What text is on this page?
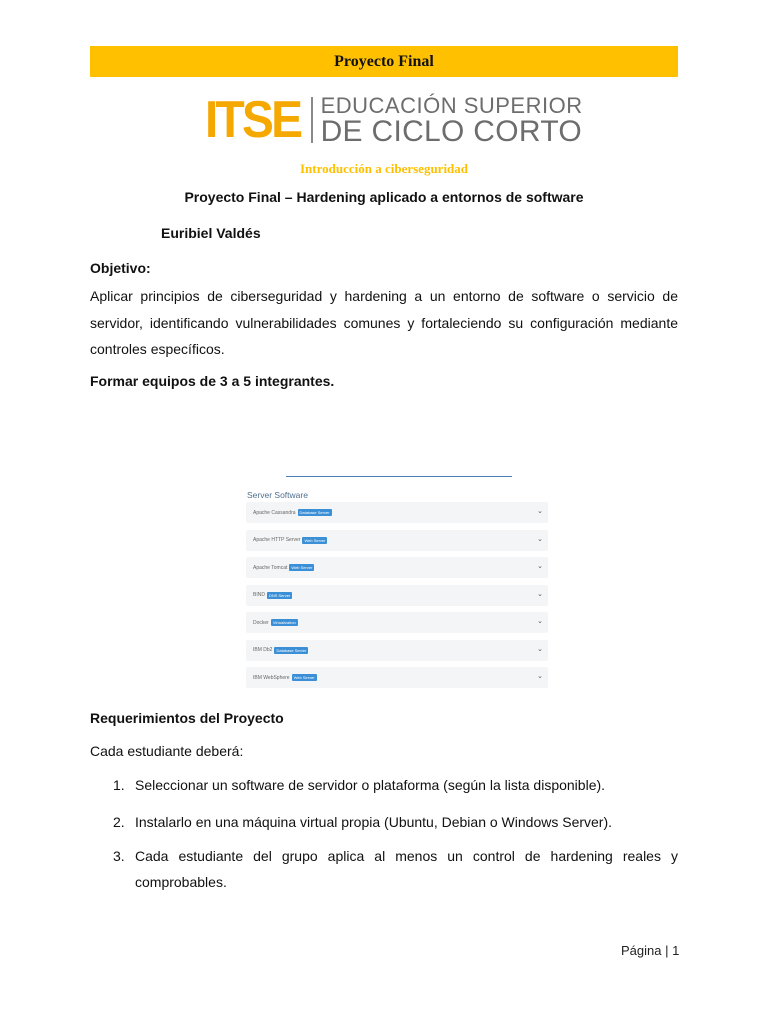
Proyecto Final
ITSE EDUCACIÓN SUPERIOR
DE CICLO CORTO
Introducción a ciberseguridad
Proyecto Final – Hardening aplicado a entornos de software
Euribiel Valdés
Objetivo:
Aplicar principios de ciberseguridad y hardening a un entorno de software o servicio de servidor, identificando vulnerabilidades comunes y fortaleciendo su configuración mediante controles específicos.
Formar equipos de 3 a 5 integrantes.
Server Software
Apache Cassandra	Database Server	⌄
Apache HTTP Server	Web Server	⌄
Apache Tomcat	Web Server	⌄
BIND	DNS Server	⌄
Docker	Virtualization	⌄
IBM Db2	Database Server	⌄
IBM WebSphere	Web Server	⌄
Requerimientos del Proyecto
Cada estudiante deberá:
1. Seleccionar un software de servidor o plataforma (según la lista disponible).
2. Instalarlo en una máquina virtual propia (Ubuntu, Debian o Windows Server).
3. Cada estudiante del grupo aplica al menos un control de hardening reales y comprobables.
Página | 1
